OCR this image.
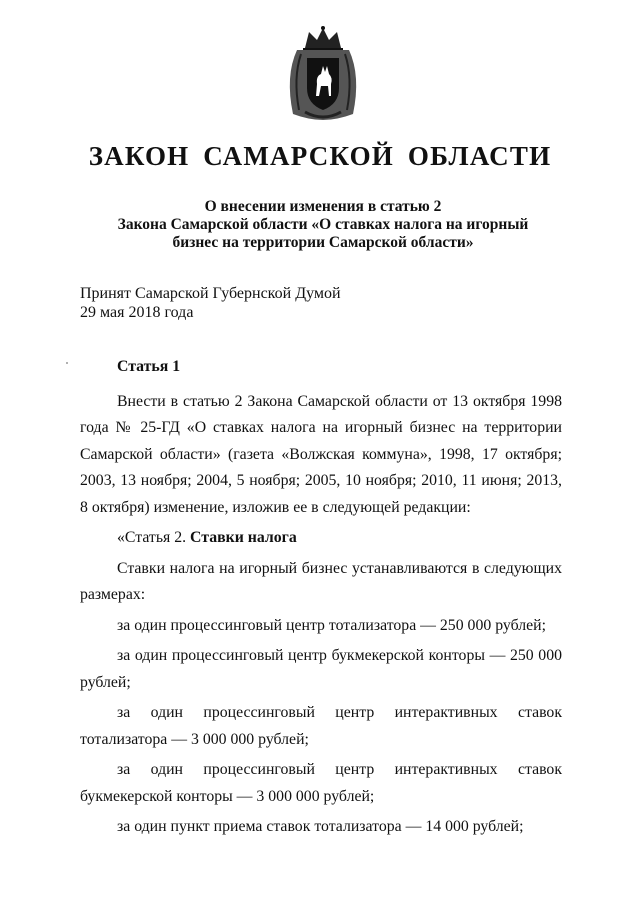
ЗАКОН САМАРСКОЙ ОБЛАСТИ
О внесении изменения в статью 2
Закона Самарской области «О ставках налога на игорный
бизнес на территории Самарской области»
Принят Самарской Губернской Думой
29 мая 2018 года

Статья 1

Внести в статью 2 Закона Самарской области от 13 октября 1998 года № 25-ГД «О ставках налога на игорный бизнес на территории Самарской области» (газета «Волжская коммуна», 1998, 17 октября; 2003, 13 ноября; 2004, 5 ноября; 2005, 10 ноября; 2010, 11 июня; 2013, 8 октября) изменение, изложив ее в следующей редакции:

«Статья 2. Ставки налога

Ставки налога на игорный бизнес устанавливаются в следующих размерах:

за один процессинговый центр тотализатора — 250 000 рублей;

за один процессинговый центр букмекерской конторы — 250 000 рублей;

за один процессинговый центр интерактивных ставок тотализатора — 3 000 000 рублей;

за один процессинговый центр интерактивных ставок букмекерской конторы — 3 000 000 рублей;

за один пункт приема ставок тотализатора — 14 000 рублей;
